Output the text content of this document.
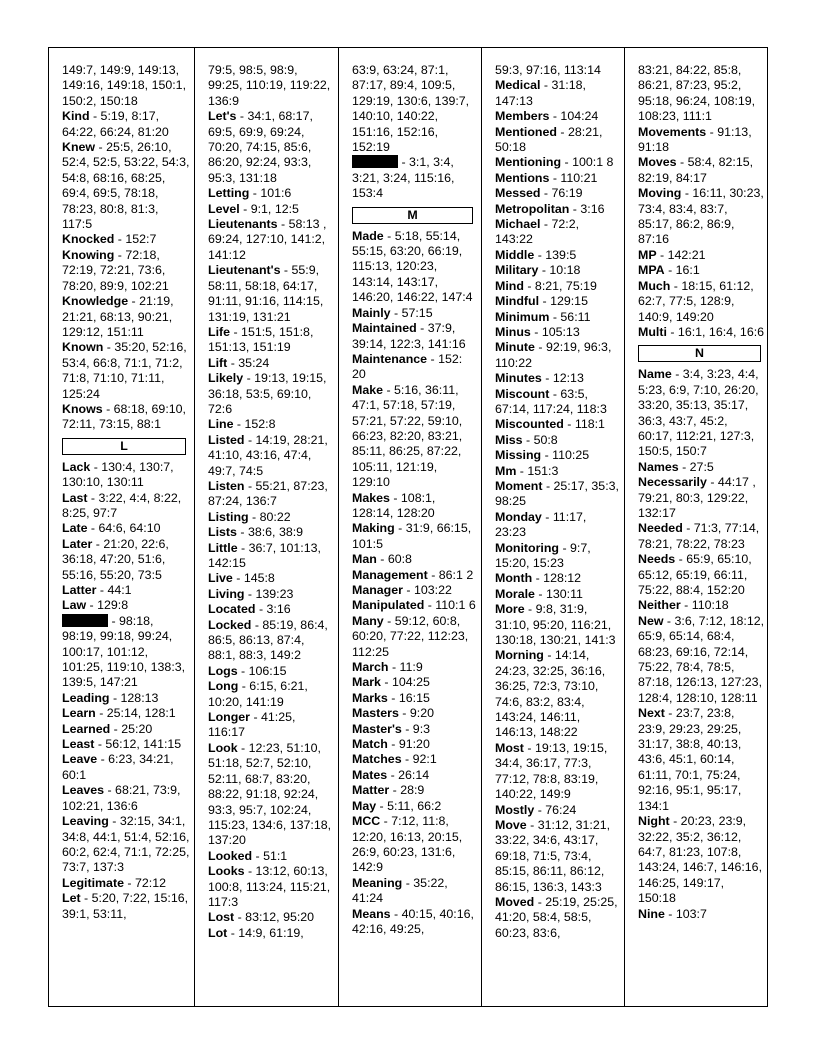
149:7, 149:9, 149:13, 149:16, 149:18, 150:1, 150:2, 150:18

Kind - 5:19, 8:17, 64:22, 66:24, 81:20

Knew - 25:5, 26:10, 52:4, 52:5, 53:22, 54:3, 54:8, 68:16, 68:25, 69:4, 69:5, 78:18, 78:23, 80:8, 81:3, 117:5

Knocked - 152:7

Knowing - 72:18, 72:19, 72:21, 73:6, 78:20, 89:9, 102:21

Knowledge - 21:19, 21:21, 68:13, 90:21, 129:12, 151:11

Known - 35:20, 52:16, 53:4, 66:8, 71:1, 71:2, 71:8, 71:10, 71:11, 125:24

Knows - 68:18, 69:10, 72:11, 73:15, 88:1

L

Lack - 130:4, 130:7, 130:10, 130:11

Last - 3:22, 4:4, 8:22, 8:25, 97:7

Late - 64:6, 64:10

Later - 21:20, 22:6, 36:18, 47:20, 51:6, 55:16, 55:20, 73:5

Latter - 44:1

Law - 129:8

- 98:18, 98:19, 99:18, 99:24, 100:17, 101:12, 101:25, 119:10, 138:3, 139:5, 147:21

Leading - 128:13

Learn - 25:14, 128:1

Learned - 25:20

Least - 56:12, 141:15

Leave - 6:23, 34:21, 60:1

Leaves - 68:21, 73:9, 102:21, 136:6

Leaving - 32:15, 34:1, 34:8, 44:1, 51:4, 52:16, 60:2, 62:4, 71:1, 72:25, 73:7, 137:3

Legitimate - 72:12

Let - 5:20, 7:22, 15:16, 39:1, 53:11,

79:5, 98:5, 98:9, 99:25, 110:19, 119:22, 136:9

Let's - 34:1, 68:17, 69:5, 69:9, 69:24, 70:20, 74:15, 85:6, 86:20, 92:24, 93:3, 95:3, 131:18

Letting - 101:6

Level - 9:1, 12:5

Lieutenants - 58:13 , 69:24, 127:10, 141:2, 141:12

Lieutenant's - 55:9, 58:11, 58:18, 64:17, 91:11, 91:16, 114:15, 131:19, 131:21

Life - 151:5, 151:8, 151:13, 151:19

Lift - 35:24

Likely - 19:13, 19:15, 36:18, 53:5, 69:10, 72:6

Line - 152:8

Listed - 14:19, 28:21, 41:10, 43:16, 47:4, 49:7, 74:5

Listen - 55:21, 87:23, 87:24, 136:7

Listing - 80:22

Lists - 38:6, 38:9

Little - 36:7, 101:13, 142:15

Live - 145:8

Living - 139:23

Located - 3:16

Locked - 85:19, 86:4, 86:5, 86:13, 87:4, 88:1, 88:3, 149:2

Logs - 106:15

Long - 6:15, 6:21, 10:20, 141:19

Longer - 41:25, 116:17

Look - 12:23, 51:10, 51:18, 52:7, 52:10, 52:11, 68:7, 83:20, 88:22, 91:18, 92:24, 93:3, 95:7, 102:24, 115:23, 134:6, 137:18, 137:20

Looked - 51:1

Looks - 13:12, 60:13, 100:8, 113:24, 115:21, 117:3

Lost - 83:12, 95:20

Lot - 14:9, 61:19,

63:9, 63:24, 87:1, 87:17, 89:4, 109:5, 129:19, 130:6, 139:7, 140:10, 140:22, 151:16, 152:16, 152:19

- 3:1, 3:4, 3:21, 3:24, 115:16, 153:4

M

Made - 5:18, 55:14, 55:15, 63:20, 66:19, 115:13, 120:23, 143:14, 143:17, 146:20, 146:22, 147:4

Mainly - 57:15

Maintained - 37:9, 39:14, 122:3, 141:16

Maintenance - 152: 20

Make - 5:16, 36:11, 47:1, 57:18, 57:19, 57:21, 57:22, 59:10, 66:23, 82:20, 83:21, 85:11, 86:25, 87:22, 105:11, 121:19, 129:10

Makes - 108:1, 128:14, 128:20

Making - 31:9, 66:15, 101:5

Man - 60:8

Management - 86:1 2

Manager - 103:22

Manipulated - 110:1 6

Many - 59:12, 60:8, 60:20, 77:22, 112:23, 112:25

March - 11:9

Mark - 104:25

Marks - 16:15

Masters - 9:20

Master's - 9:3

Match - 91:20

Matches - 92:1

Mates - 26:14

Matter - 28:9

May - 5:11, 66:2

MCC - 7:12, 11:8, 12:20, 16:13, 20:15, 26:9, 60:23, 131:6, 142:9

Meaning - 35:22, 41:24

Means - 40:15, 40:16, 42:16, 49:25,

59:3, 97:16, 113:14

Medical - 31:18, 147:13

Members - 104:24

Mentioned - 28:21, 50:18

Mentioning - 100:1 8

Mentions - 110:21

Messed - 76:19

Metropolitan - 3:16

Michael - 72:2, 143:22

Middle - 139:5

Military - 10:18

Mind - 8:21, 75:19

Mindful - 129:15

Minimum - 56:11

Minus - 105:13

Minute - 92:19, 96:3, 110:22

Minutes - 12:13

Miscount - 63:5, 67:14, 117:24, 118:3

Miscounted - 118:1

Miss - 50:8

Missing - 110:25

Mm - 151:3

Moment - 25:17, 35:3, 98:25

Monday - 11:17, 23:23

Monitoring - 9:7, 15:20, 15:23

Month - 128:12

Morale - 130:11

More - 9:8, 31:9, 31:10, 95:20, 116:21, 130:18, 130:21, 141:3

Morning - 14:14, 24:23, 32:25, 36:16, 36:25, 72:3, 73:10, 74:6, 83:2, 83:4, 143:24, 146:11, 146:13, 148:22

Most - 19:13, 19:15, 34:4, 36:17, 77:3, 77:12, 78:8, 83:19, 140:22, 149:9

Mostly - 76:24

Move - 31:12, 31:21, 33:22, 34:6, 43:17, 69:18, 71:5, 73:4, 85:15, 86:11, 86:12, 86:15, 136:3, 143:3

Moved - 25:19, 25:25, 41:20, 58:4, 58:5, 60:23, 83:6,

83:21, 84:22, 85:8, 86:21, 87:23, 95:2, 95:18, 96:24, 108:19, 108:23, 111:1

Movements - 91:13, 91:18

Moves - 58:4, 82:15, 82:19, 84:17

Moving - 16:11, 30:23, 73:4, 83:4, 83:7, 85:17, 86:2, 86:9, 87:16

MP - 142:21

MPA - 16:1

Much - 18:15, 61:12, 62:7, 77:5, 128:9, 140:9, 149:20

Multi - 16:1, 16:4, 16:6

N

Name - 3:4, 3:23, 4:4, 5:23, 6:9, 7:10, 26:20, 33:20, 35:13, 35:17, 36:3, 43:7, 45:2, 60:17, 112:21, 127:3, 150:5, 150:7

Names - 27:5

Necessarily - 44:17 , 79:21, 80:3, 129:22, 132:17

Needed - 71:3, 77:14, 78:21, 78:22, 78:23

Needs - 65:9, 65:10, 65:12, 65:19, 66:11, 75:22, 88:4, 152:20

Neither - 110:18

New - 3:6, 7:12, 18:12, 65:9, 65:14, 68:4, 68:23, 69:16, 72:14, 75:22, 78:4, 78:5, 87:18, 126:13, 127:23, 128:4, 128:10, 128:11

Next - 23:7, 23:8, 23:9, 29:23, 29:25, 31:17, 38:8, 40:13, 43:6, 45:1, 60:14, 61:11, 70:1, 75:24, 92:16, 95:1, 95:17, 134:1

Night - 20:23, 23:9, 32:22, 35:2, 36:12, 64:7, 81:23, 107:8, 143:24, 146:7, 146:16, 146:25, 149:17, 150:18

Nine - 103:7
